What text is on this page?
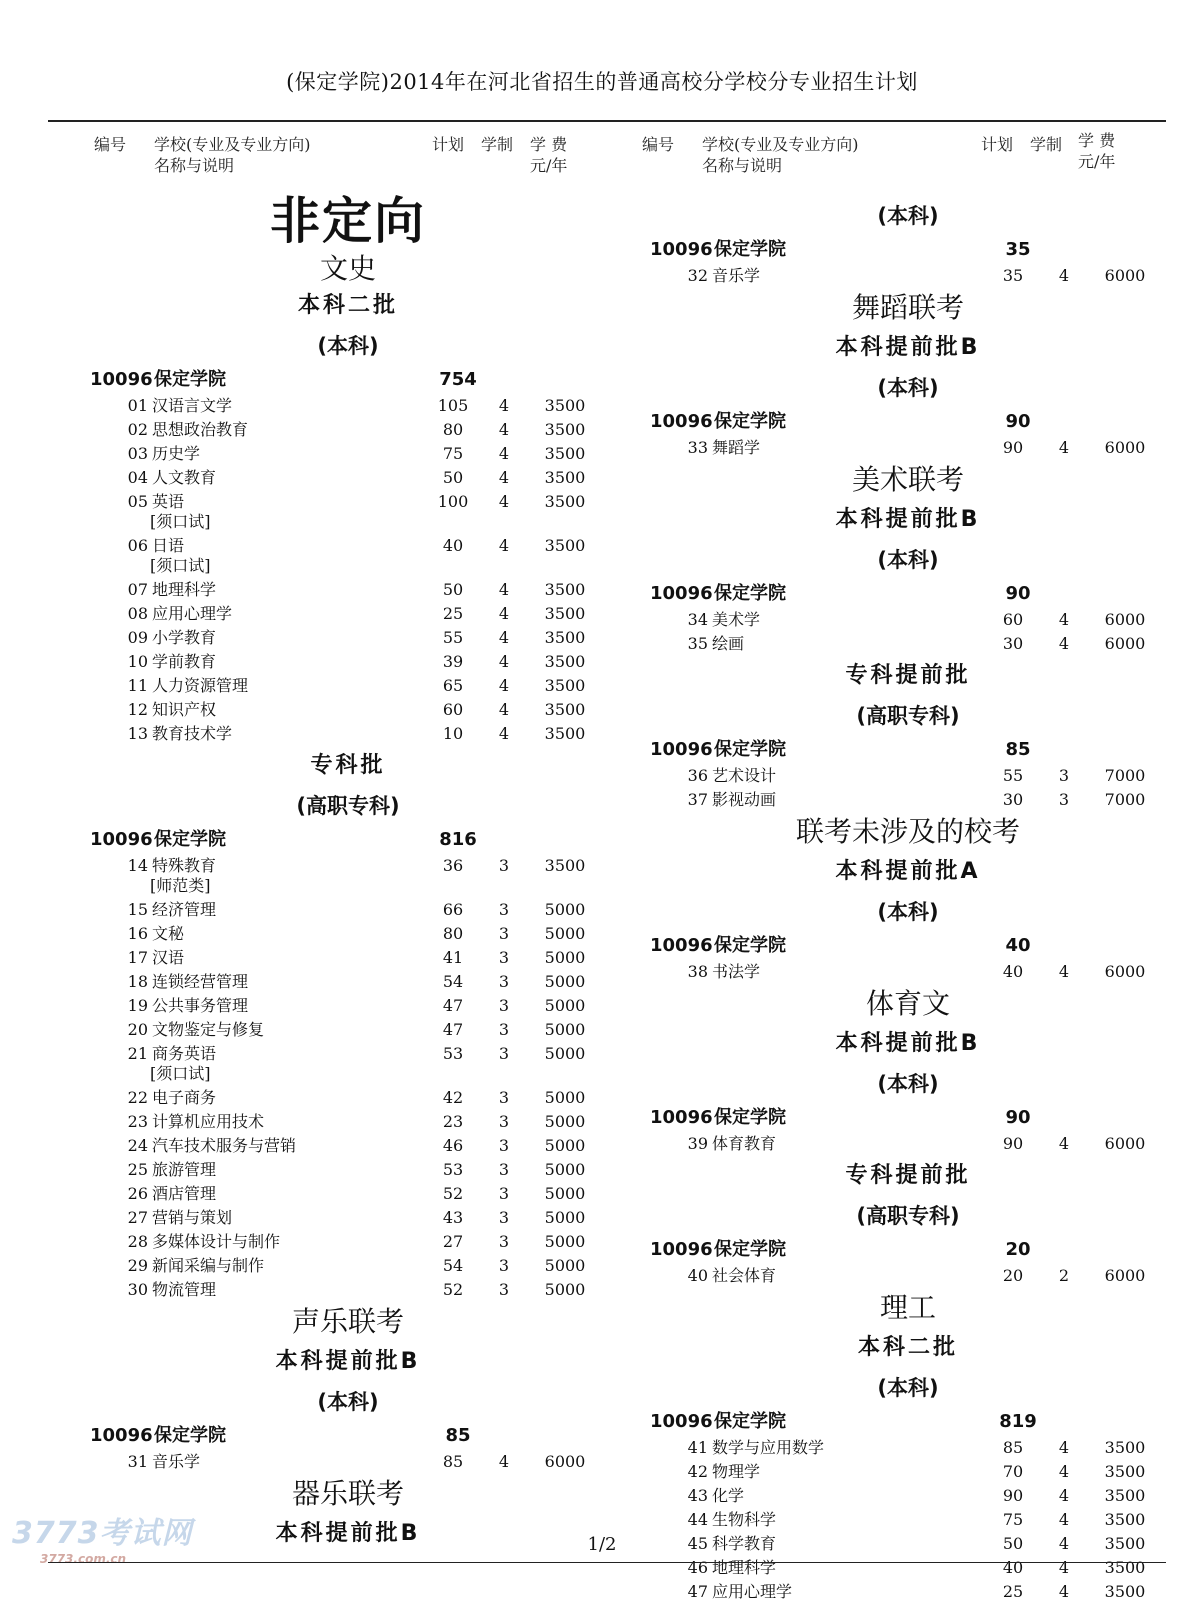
(保定学院)2014年在河北省招生的普通高校分学校分专业招生计划
编号 学校(专业及专业方向)
名称与说明
计划 学制 学 费
元/年
编号 学校(专业及专业方向)
名称与说明
计划 学制 学 费
元/年
非定向
文史
本科二批
(本科)
10096 保定学院	754
01 汉语言文学	105	4	3500
02 思想政治教育	80	4	3500
03 历史学	75	4	3500
04 人文教育	50	4	3500
05 英语	100	4	3500
[须口试]
06 日语	40	4	3500
[须口试]
07 地理科学	50	4	3500
08 应用心理学	25	4	3500
09 小学教育	55	4	3500
10 学前教育	39	4	3500
11 人力资源管理	65	4	3500
12 知识产权	60	4	3500
13 教育技术学	10	4	3500
专科批
(高职专科)
10096 保定学院	816
14 特殊教育	36	3	3500
[师范类]
15 经济管理	66	3	5000
16 文秘	80	3	5000
17 汉语	41	3	5000
18 连锁经营管理	54	3	5000
19 公共事务管理	47	3	5000
20 文物鉴定与修复	47	3	5000
21 商务英语	53	3	5000
[须口试]
22 电子商务	42	3	5000
23 计算机应用技术	23	3	5000
24 汽车技术服务与营销	46	3	5000
25 旅游管理	53	3	5000
26 酒店管理	52	3	5000
27 营销与策划	43	3	5000
28 多媒体设计与制作	27	3	5000
29 新闻采编与制作	54	3	5000
30 物流管理	52	3	5000
声乐联考
本科提前批B
(本科)
10096 保定学院	85
31 音乐学	85	4	6000
器乐联考
本科提前批B
(本科)
10096 保定学院	35
32 音乐学	35	4	6000
舞蹈联考
本科提前批B
(本科)
10096 保定学院	90
33 舞蹈学	90	4	6000
美术联考
本科提前批B
(本科)
10096 保定学院	90
34 美术学	60	4	6000
35 绘画	30	4	6000
专科提前批
(高职专科)
10096 保定学院	85
36 艺术设计	55	3	7000
37 影视动画	30	3	7000
联考未涉及的校考
本科提前批A
(本科)
10096 保定学院	40
38 书法学	40	4	6000
体育文
本科提前批B
(本科)
10096 保定学院	90
39 体育教育	90	4	6000
专科提前批
(高职专科)
10096 保定学院	20
40 社会体育	20	2	6000
理工
本科二批
(本科)
10096 保定学院	819
41 数学与应用数学	85	4	3500
42 物理学	70	4	3500
43 化学	90	4	3500
44 生物科学	75	4	3500
45 科学教育	50	4	3500
46 地理科学	40	4	3500
47 应用心理学	25	4	3500
3773考试网
3773.com.cn
1/2
